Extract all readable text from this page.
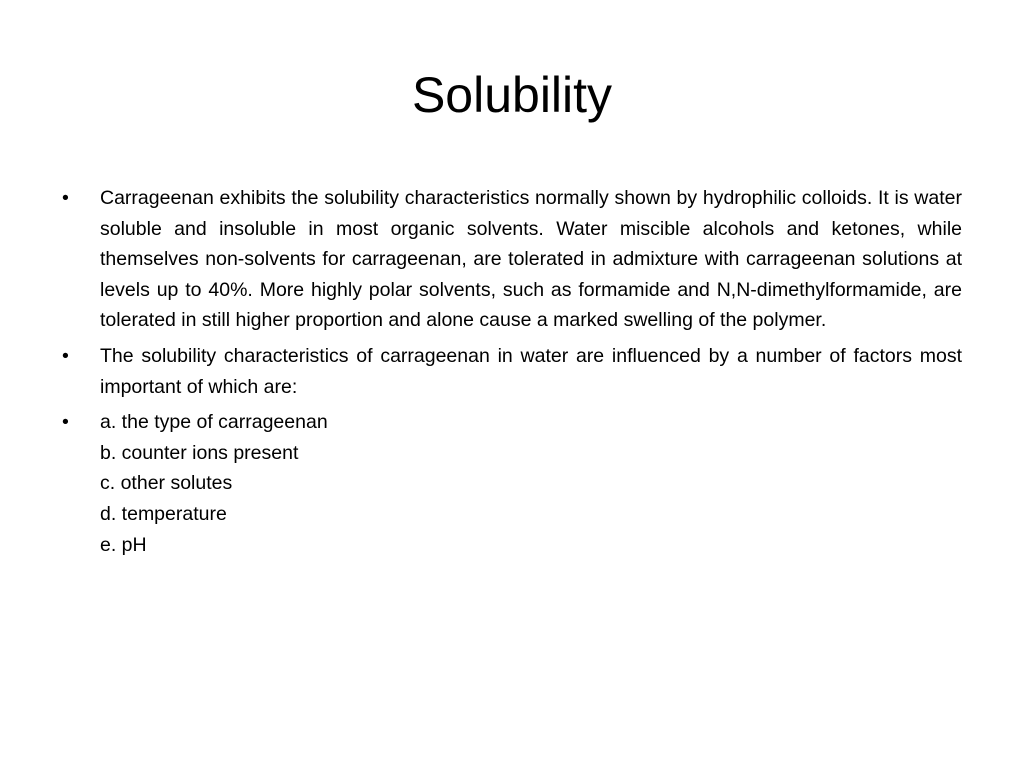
Solubility
•	Carrageenan exhibits the solubility characteristics normally shown by hydrophilic colloids. It is water soluble and insoluble in most organic solvents. Water miscible alcohols and ketones, while themselves non-solvents for carrageenan, are tolerated in admixture with carrageenan solutions at levels up to 40%. More highly polar solvents, such as formamide and N,N-dimethylformamide, are tolerated in still higher proportion and alone cause a marked swelling of the polymer.
•	The solubility characteristics of carrageenan in water are influenced by a number of factors most important of which are:
•	a. the type of carrageenan
b. counter ions present
c. other solutes
d. temperature
e. pH
